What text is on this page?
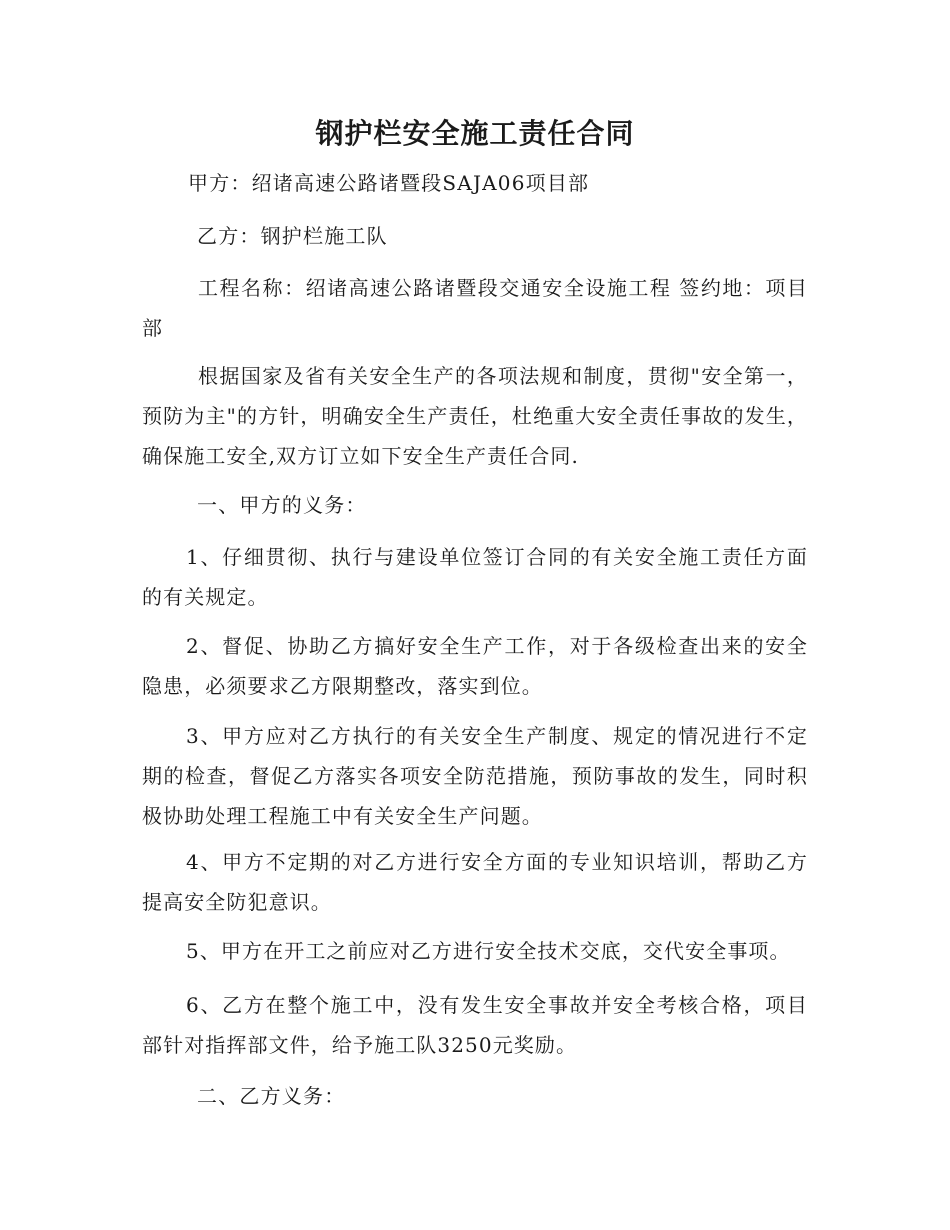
钢护栏安全施工责任合同
甲方：绍诸高速公路诸暨段SAJA06项目部
乙方：钢护栏施工队
工程名称：绍诸高速公路诸暨段交通安全设施工程 签约地：项目部
根据国家及省有关安全生产的各项法规和制度，贯彻"安全第一，预防为主"的方针，明确安全生产责任，杜绝重大安全责任事故的发生，确保施工安全,双方订立如下安全生产责任合同.
一、甲方的义务：
1、仔细贯彻、执行与建设单位签订合同的有关安全施工责任方面的有关规定。
2、督促、协助乙方搞好安全生产工作，对于各级检查出来的安全隐患，必须要求乙方限期整改，落实到位。
3、甲方应对乙方执行的有关安全生产制度、规定的情况进行不定期的检查，督促乙方落实各项安全防范措施，预防事故的发生，同时积极协助处理工程施工中有关安全生产问题。
4、甲方不定期的对乙方进行安全方面的专业知识培训，帮助乙方提高安全防犯意识。
5、甲方在开工之前应对乙方进行安全技术交底，交代安全事项。
6、乙方在整个施工中，没有发生安全事故并安全考核合格，项目部针对指挥部文件，给予施工队3250元奖励。
二、乙方义务：
